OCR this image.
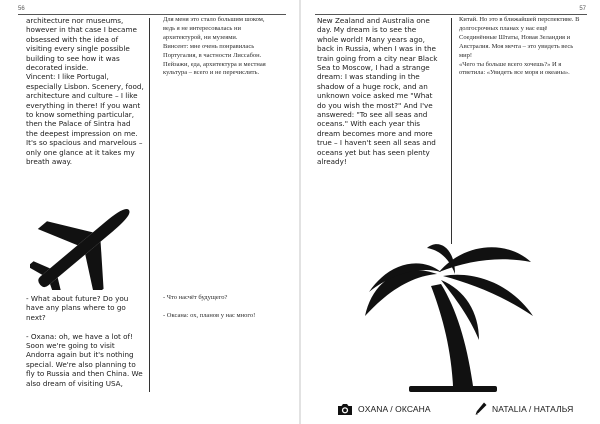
56

architecture nor museums, however in that case I became obsessed with the idea of visiting every single possible building to see how it was decorated inside.
Vincent: I like Portugal, especially Lisbon. Scenery, food, architecture and culture – I like everything in there! If you want to know something particular, then the Palace of Sintra had the deepest impression on me. It's so spacious and marvelous – only one glance at it takes my breath away.

- What about future? Do you have any plans where to go next?

- Oxana: oh, we have a lot of! Soon we're going to visit Andorra again but it's nothing special. We're also planning to fly to Russia and then China. We also dream of visiting USA,

Для меня это стало большим шоком, ведь я не интересовалась ни архитектурой, ни музеями.
Винсент: мне очень понравилась Португалия, в частности Лиссабон. Пейзажи, еда, архитектура и местная культура – всего и не перечислить.

- Что насчёт будущего?

- Оксана: ох, планов у нас много!

57

New Zealand and Australia one day. My dream is to see the whole world! Many years ago, back in Russia, when I was in the train going from a city near Black Sea to Moscow, I had a strange dream: I was standing in the shadow of a huge rock, and an unknown voice asked me "What do you wish the most?" And I've answered: "To see all seas and oceans." With each year this dream becomes more and more true – I haven't seen all seas and oceans yet but has seen plenty already!

Китай. Но это в ближайшей перспективе. В долгосрочных планах у нас ещё Соединённые Штаты, Новая Зеландия и Австралия. Моя мечта – это увидеть весь мир!
«Чего ты больше всего хочешь?» И я ответила: «Увидеть все моря и океаны».

OXANA / ОКСАНА	NATALIA / НАТАЛЬЯ
